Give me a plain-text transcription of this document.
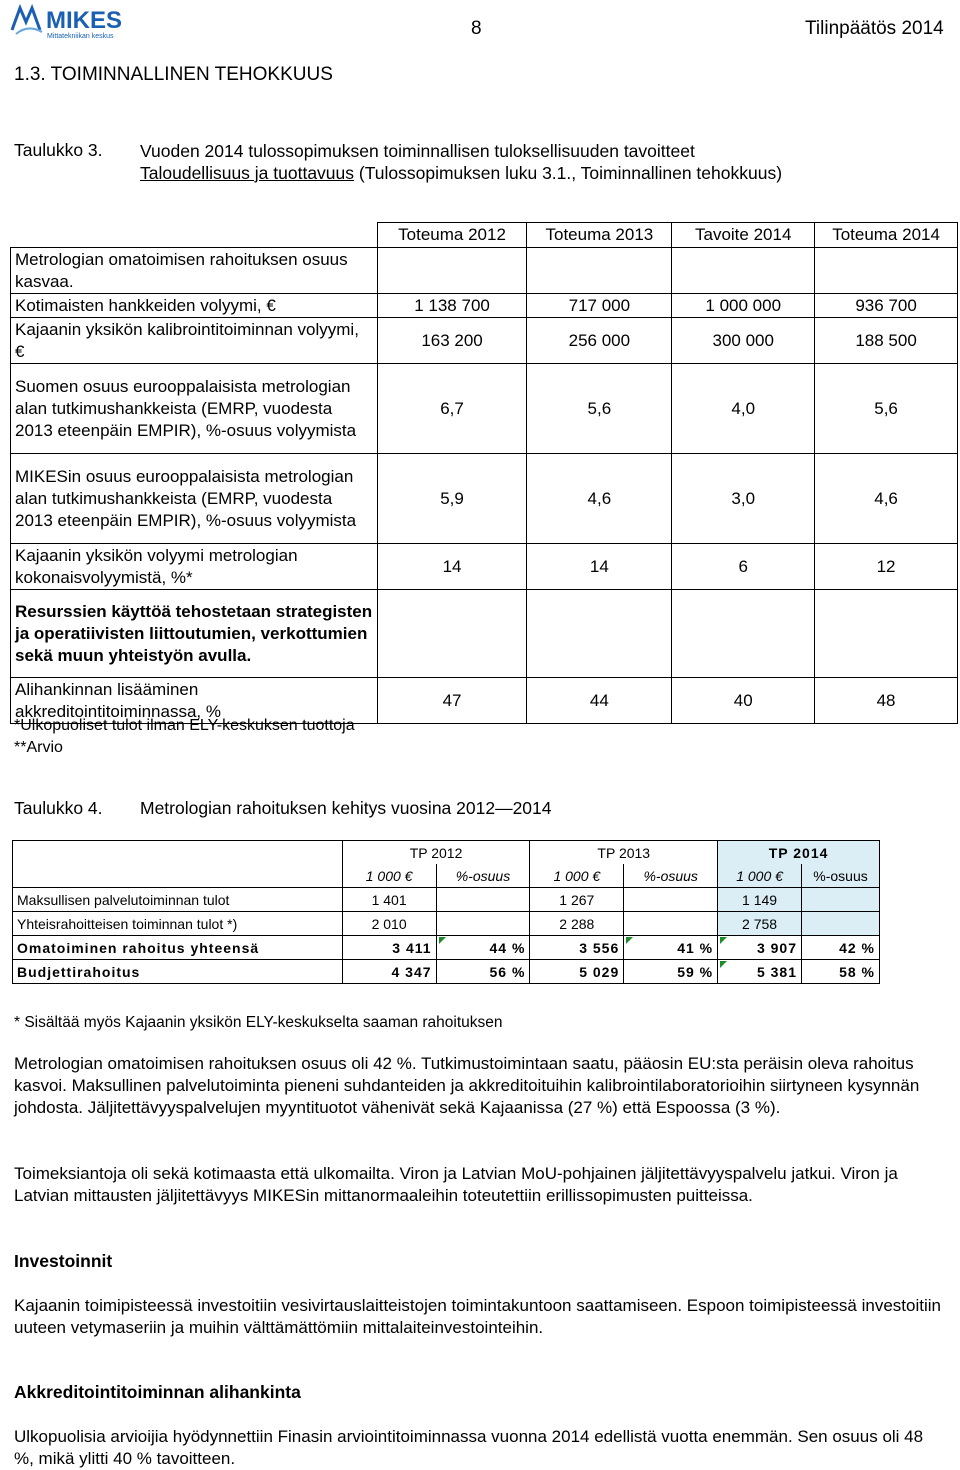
MIKES
Mittatekniikan keskus	8	Tilinpäätös 2014
1.3. TOIMINNALLINEN TEHOKKUUS
Taulukko 3. Vuoden 2014 tulossopimuksen toiminnallisen tuloksellisuuden tavoitteet
Taloudellisuus ja tuottavuus (Tulossopimuksen luku 3.1., Toiminnallinen tehokkuus)
	Toteuma 2012	Toteuma 2013	Tavoite 2014	Toteuma 2014
Metrologian omatoimisen rahoituksen osuus kasvaa.				
Kotimaisten hankkeiden volyymi, €	1 138 700	717 000	1 000 000	936 700
Kajaanin yksikön kalibrointitoiminnan volyymi, €	163 200	256 000	300 000	188 500
Suomen osuus eurooppalaisista metrologian alan tutkimushankkeista (EMRP, vuodesta 2013 eteenpäin EMPIR), %-osuus volyymista	6,7	5,6	4,0	5,6
MIKESin osuus eurooppalaisista metrologian alan tutkimushankkeista (EMRP, vuodesta 2013 eteenpäin EMPIR), %-osuus volyymista	5,9	4,6	3,0	4,6
Kajaanin yksikön volyymi metrologian kokonaisvolyymistä, %*	14	14	6	12
Resurssien käyttöä tehostetaan strategisten ja operatiivisten liittoutumien, verkottumien sekä muun yhteistyön avulla.				
Alihankinnan lisääminen akkreditointitoiminnassa, %	47	44	40	48
*Ulkopuoliset tulot ilman ELY-keskuksen tuottoja
**Arvio
Taulukko 4. Metrologian rahoituksen kehitys vuosina 2012—2014
	TP 2012		TP 2013		TP 2014	
	1 000 €	%-osuus	1 000 €	%-osuus	1 000 €	%-osuus
Maksullisen palvelutoiminnan tulot	1 401		1 267		1 149	
Yhteisrahoitteisen toiminnan tulot *)	2 010		2 288		2 758	
Omatoiminen rahoitus yhteensä	3 411	44 %	3 556	41 %	3 907	42 %
Budjettirahoitus	4 347	56 %	5 029	59 %	5 381	58 %
* Sisältää myös Kajaanin yksikön ELY-keskukselta saaman rahoituksen
Metrologian omatoimisen rahoituksen osuus oli 42 %. Tutkimustoimintaan saatu, pääosin EU:sta peräisin oleva rahoitus kasvoi. Maksullinen palvelutoiminta pieneni suhdanteiden ja akkreditoituihin kalibrointilaboratorioihin siirtyneen kysynnän johdosta. Jäljitettävyyspalvelujen myyntituotot vähenivät sekä Kajaanissa (27 %) että Espoossa (3 %).
Toimeksiantoja oli sekä kotimaasta että ulkomailta. Viron ja Latvian MoU-pohjainen jäljitettävyyspalvelu jatkui. Viron ja Latvian mittausten jäljitettävyys MIKESin mittanormaaleihin toteutettiin erillissopimusten puitteissa.
Investoinnit
Kajaanin toimipisteessä investoitiin vesivirtauslaitteistojen toimintakuntoon saattamiseen. Espoon toimipisteessä investoitiin uuteen vetymaseriin ja muihin välttämättömiin mittalaiteinvestointeihin.
Akkreditointitoiminnan alihankinta
Ulkopuolisia arvioijia hyödynnettiin Finasin arviointitoiminnassa vuonna 2014 edellistä vuotta enemmän. Sen osuus oli 48 %, mikä ylitti 40 % tavoitteen.
